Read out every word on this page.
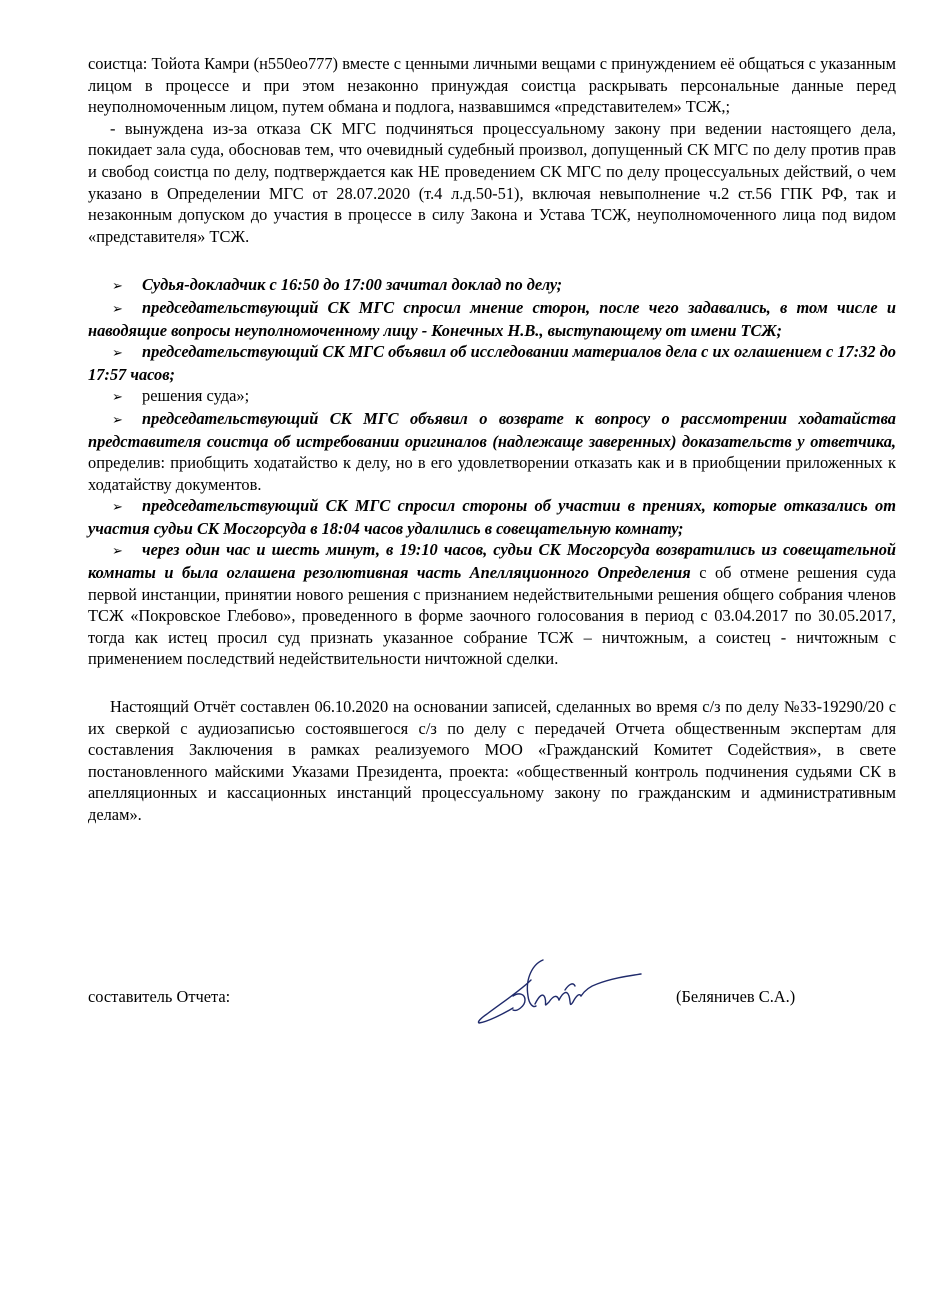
соистца: Тойота Камри (н550ео777) вместе с ценными личными вещами с принуждением её общаться с указанным лицом в процессе и при этом незаконно принуждая соистца раскрывать персональные данные перед неуполномоченным лицом, путем обмана и подлога, назвавшимся «представителем» ТСЖ,;

- вынуждена из-за отказа СК МГС подчиняться процессуальному закону при ведении настоящего дела, покидает зала суда, обосновав тем, что очевидный судебный произвол, допущенный СК МГС по делу против прав и свобод соистца по делу, подтверждается как НЕ проведением СК МГС по делу процессуальных действий, о чем указано в Определении МГС от 28.07.2020 (т.4 л.д.50-51), включая невыполнение ч.2 ст.56 ГПК РФ, так и незаконным допуском до участия в процессе в силу Закона и Устава ТСЖ, неуполномоченного лица под видом «представителя» ТСЖ.

➢ Судья-докладчик с 16:50 до 17:00 зачитал доклад по делу;
➢ председательствующий СК МГС спросил мнение сторон, после чего задавались, в том числе и наводящие вопросы неуполномоченному лицу - Конечных Н.В., выступающему от имени ТСЖ;
➢ председательствующий СК МГС объявил об исследовании материалов дела с их оглашением с 17:32 до 17:57 часов;
➢ решения суда»;
➢ председательствующий СК МГС объявил о возврате к вопросу о рассмотрении ходатайства представителя соистца об истребовании оригиналов (надлежаще заверенных) доказательств у ответчика, определив: приобщить ходатайство к делу, но в его удовлетворении отказать как и в приобщении приложенных к ходатайству документов.
➢ председательствующий СК МГС спросил стороны об участии в прениях, которые отказались от участия судьи СК Мосгорсуда в 18:04 часов удалились в совещательную комнату;
➢ через один час и шесть минут, в 19:10 часов, судьи СК Мосгорсуда возвратились из совещательной комнаты и была оглашена резолютивная часть Апелляционного Определения с об отмене решения суда первой инстанции, принятии нового решения с признанием недействительными решения общего собрания членов ТСЖ «Покровское Глебово», проведенного в форме заочного голосования в период с 03.04.2017 по 30.05.2017, тогда как истец просил суд признать указанное собрание ТСЖ – ничтожным, а соистец - ничтожным с применением последствий недействительности ничтожной сделки.

Настоящий Отчёт составлен 06.10.2020 на основании записей, сделанных во время с/з по делу №33-19290/20 с их сверкой с аудиозаписью состоявшегося с/з по делу с передачей Отчета общественным экспертам для составления Заключения в рамках реализуемого МОО «Гражданский Комитет Содействия», в свете постановленного майскими Указами Президента, проекта: «общественный контроль подчинения судьями СК в апелляционных и кассационных инстанций процессуальному закону по гражданским и административным делам».

составитель Отчета:	(Беляничев С.А.)
